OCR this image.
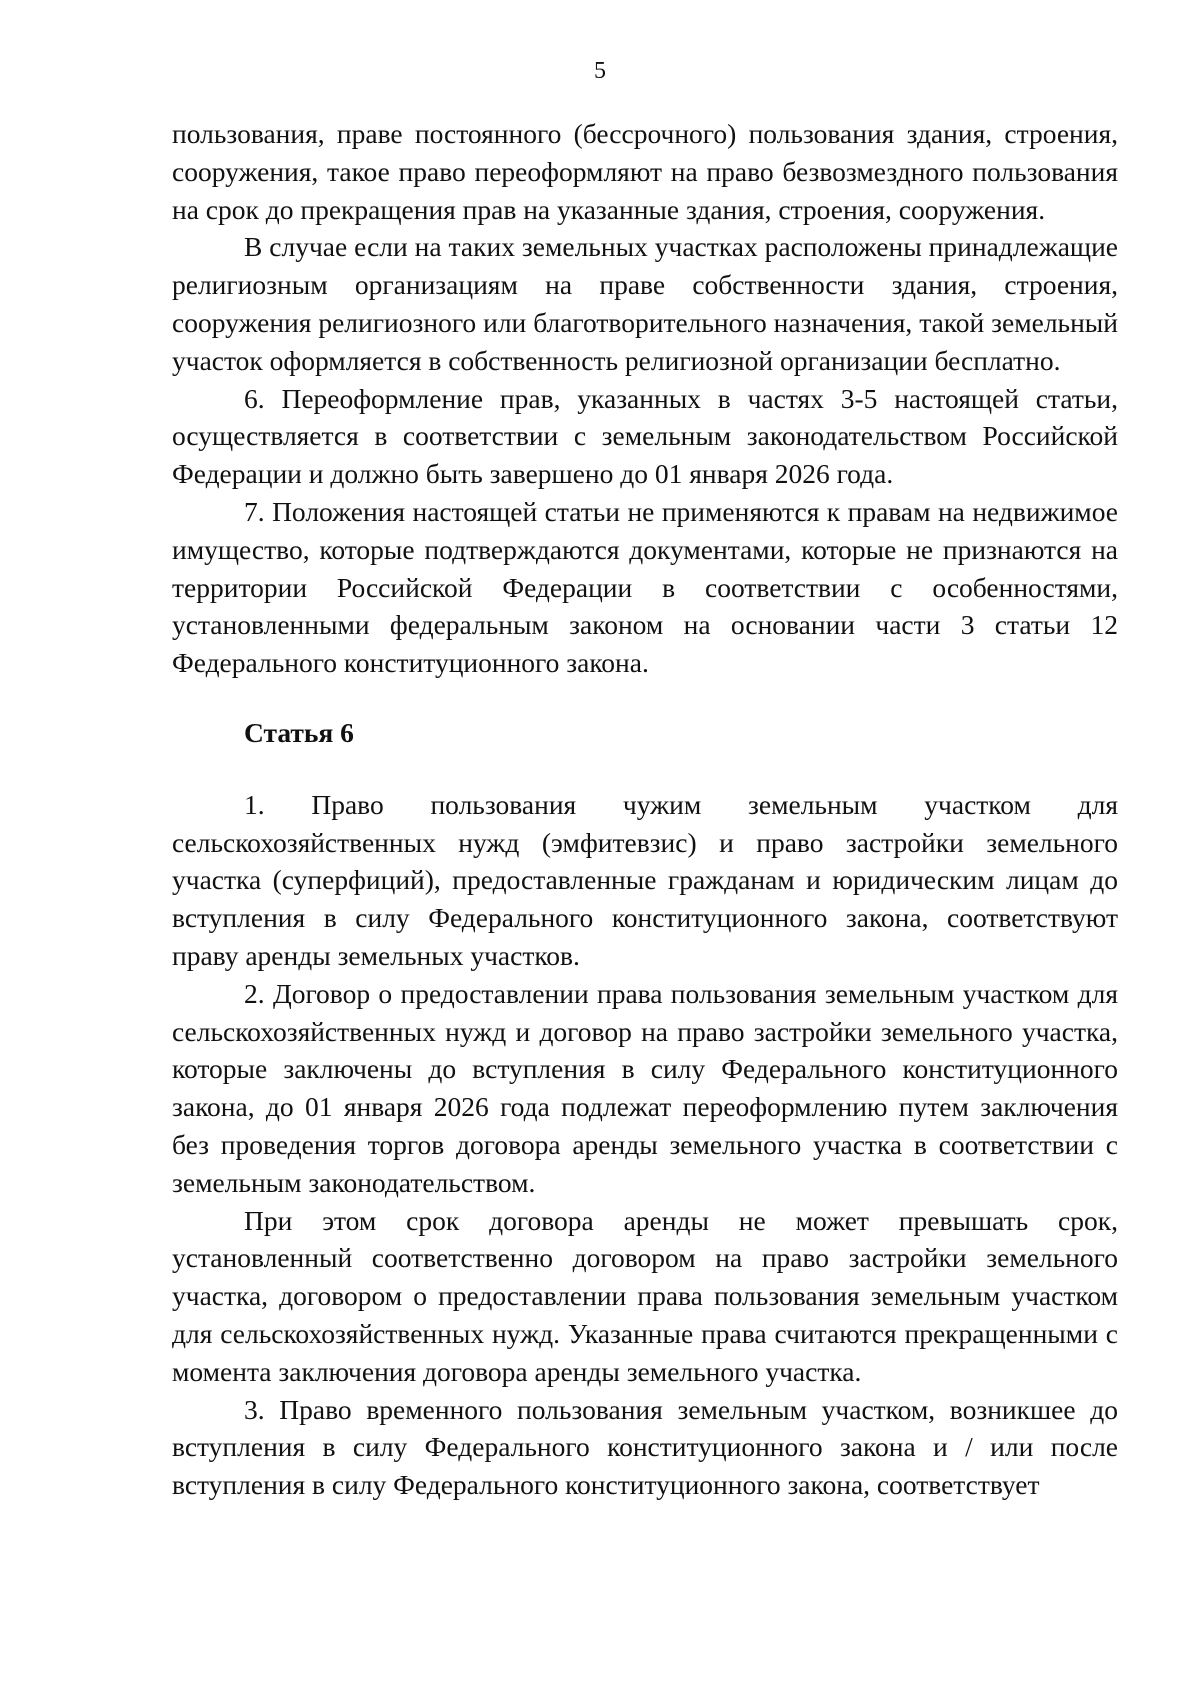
5

пользования, праве постоянного (бессрочного) пользования здания, строения, сооружения, такое право переоформляют на право безвозмездного пользования на срок до прекращения прав на указанные здания, строения, сооружения.

В случае если на таких земельных участках расположены принадлежащие религиозным организациям на праве собственности здания, строения, сооружения религиозного или благотворительного назначения, такой земельный участок оформляется в собственность религиозной организации бесплатно.

6. Переоформление прав, указанных в частях 3-5 настоящей статьи, осуществляется в соответствии с земельным законодательством Российской Федерации и должно быть завершено до 01 января 2026 года.

7. Положения настоящей статьи не применяются к правам на недвижимое имущество, которые подтверждаются документами, которые не признаются на территории Российской Федерации в соответствии с особенностями, установленными федеральным законом на основании части 3 статьи 12 Федерального конституционного закона.

Статья 6

1. Право пользования чужим земельным участком для сельскохозяйственных нужд (эмфитевзис) и право застройки земельного участка (суперфиций), предоставленные гражданам и юридическим лицам до вступления в силу Федерального конституционного закона, соответствуют праву аренды земельных участков.

2. Договор о предоставлении права пользования земельным участком для сельскохозяйственных нужд и договор на право застройки земельного участка, которые заключены до вступления в силу Федерального конституционного закона, до 01 января 2026 года подлежат переоформлению путем заключения без проведения торгов договора аренды земельного участка в соответствии с земельным законодательством.

При этом срок договора аренды не может превышать срок, установленный соответственно договором на право застройки земельного участка, договором о предоставлении права пользования земельным участком для сельскохозяйственных нужд. Указанные права считаются прекращенными с момента заключения договора аренды земельного участка.

3. Право временного пользования земельным участком, возникшее до вступления в силу Федерального конституционного закона и / или после вступления в силу Федерального конституционного закона, соответствует
